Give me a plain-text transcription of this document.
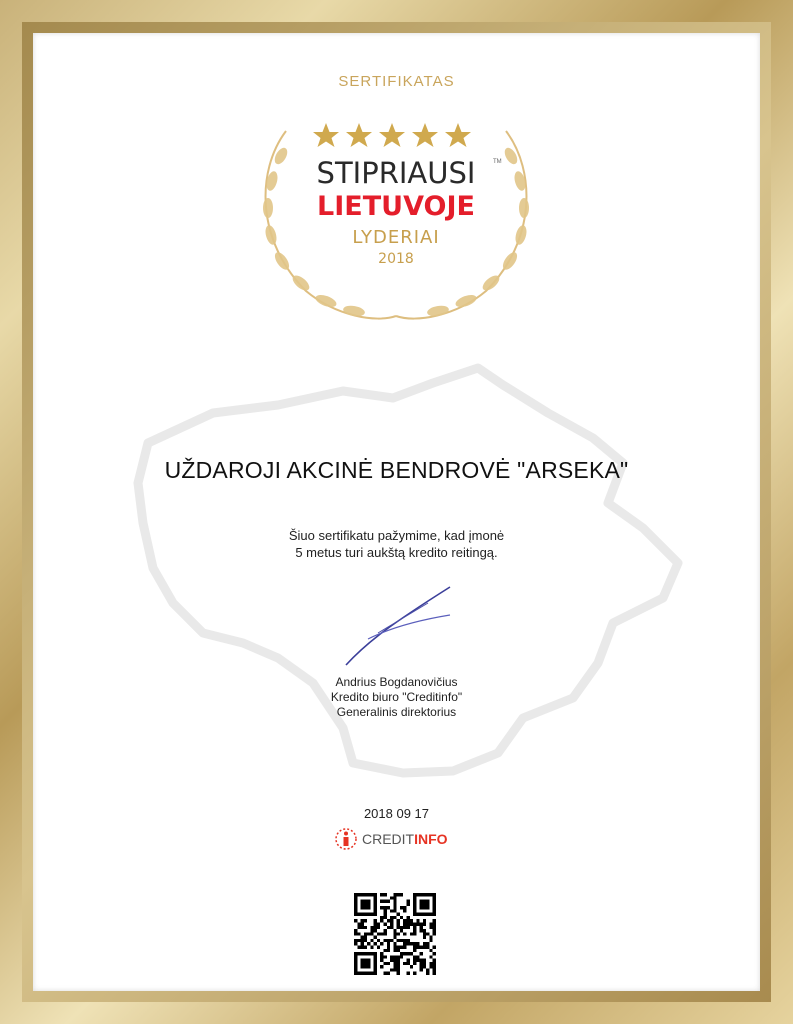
SERTIFIKATAS
STIPRIAUSI	TM
LIETUVOJE
LYDERIAI
2018
UŽDAROJI AKCINĖ BENDROVĖ "ARSEKA"
Šiuo sertifikatu pažymime, kad įmonė
5 metus turi aukštą kredito reitingą.
Andrius Bogdanovičius
Kredito biuro "Creditinfo"
Generalinis direktorius
2018 09 17
CREDITINFO
